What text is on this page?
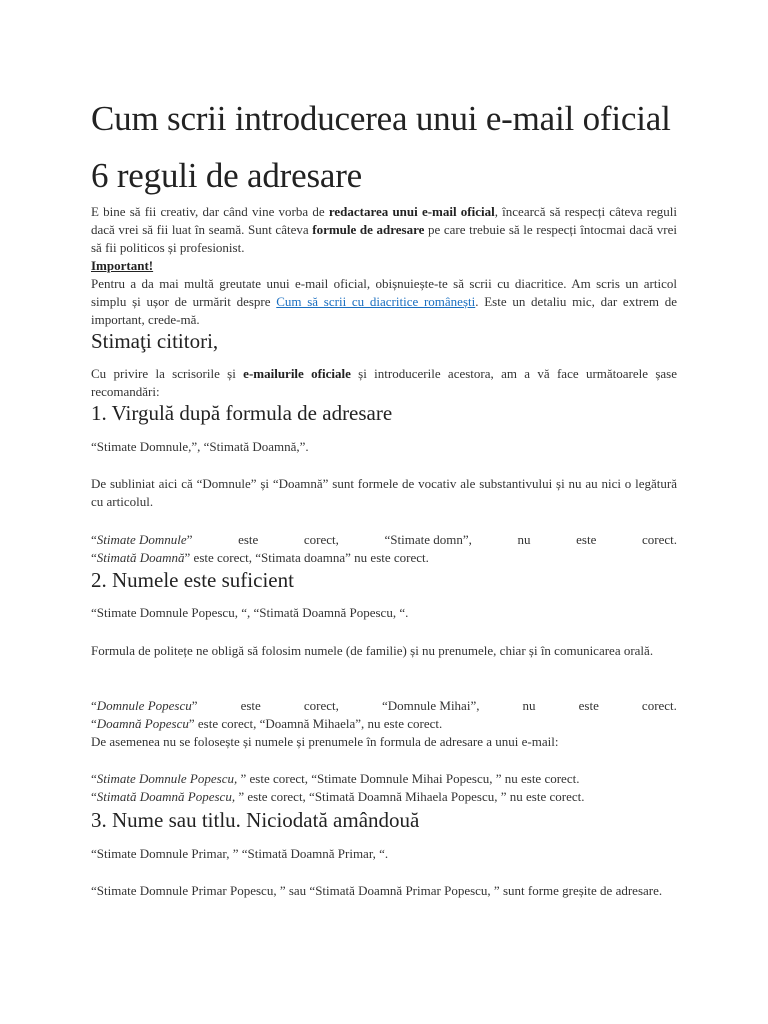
Cum scrii introducerea unui e-mail oficial
6 reguli de adresare

E bine să fii creativ, dar când vine vorba de redactarea unui e-mail oficial, încearcă să respecți câteva reguli dacă vrei să fii luat în seamă. Sunt câteva formule de adresare pe care trebuie să le respecți întocmai dacă vrei să fii politicos și profesionist.

Important!

Pentru a da mai multă greutate unui e-mail oficial, obișnuiește-te să scrii cu diacritice. Am scris un articol simplu și ușor de urmărit despre Cum să scrii cu diacritice românești. Este un detaliu mic, dar extrem de important, crede-mă.

Stimaţi cititori,

Cu privire la scrisorile și e-mailurile oficiale și introducerile acestora, am a vă face următoarele șase recomandări:

1. Virgulă după formula de adresare

“Stimate Domnule,”, “Stimată Doamnă,”.

De subliniat aici că “Domnule” și “Doamnă” sunt formele de vocativ ale substantivului și nu au nici o legătură cu articolul.

“Stimate Domnule”	este	corect,	“Stimate domn”,	nu	este	corect.

“Stimată Doamnă” este corect, “Stimata doamna” nu este corect.

2. Numele este suficient

“Stimate Domnule Popescu, “, “Stimată Doamnă Popescu, “.

Formula de politețe ne obligă să folosim numele (de familie) și nu prenumele, chiar și în comunicarea orală.

“Domnule Popescu”	este	corect,	“Domnule Mihai”,	nu	este	corect.

“Doamnă Popescu” este corect, “Doamnă Mihaela”, nu este corect.

De asemenea nu se folosește și numele și prenumele în formula de adresare a unui e-mail:

“Stimate Domnule Popescu, ” este corect, “Stimate Domnule Mihai Popescu, ” nu este corect.

“Stimată Doamnă Popescu, ” este corect, “Stimată Doamnă Mihaela Popescu, ” nu este corect.

3. Nume sau titlu. Niciodată amândouă

“Stimate Domnule Primar, ” “Stimată Doamnă Primar, “.

“Stimate Domnule Primar Popescu, ” sau “Stimată Doamnă Primar Popescu, ” sunt forme greșite de adresare.
